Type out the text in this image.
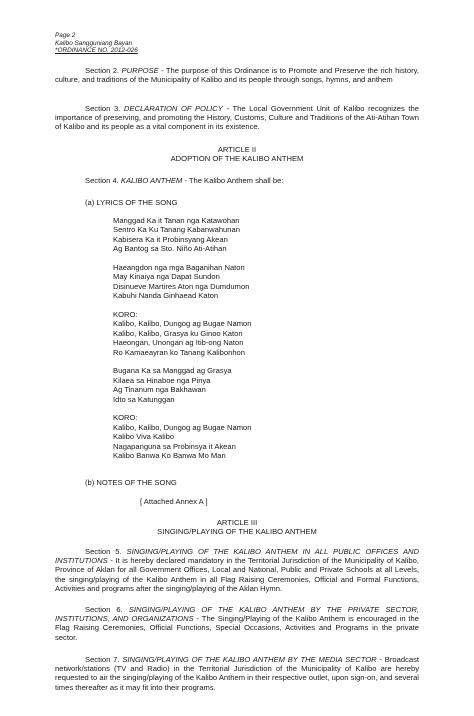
Page 2
Kalibo Sangguniang Bayan
*ORDINANCE NO. 2012-026
Section 2. PURPOSE - The purpose of this Ordinance is to Promote and Preserve the rich history, culture, and traditions of the Municipality of Kalibo and its people through songs, hymns, and anthem
Section 3. DECLARATION OF POLICY - The Local Government Unit of Kalibo recognizes the importance of preserving, and promoting the History, Customs, Culture and Traditions of the Ati-Atihan Town of Kalibo and its people as a vital component in its existence.
ARTICLE II
ADOPTION OF THE KALIBO ANTHEM
Section 4. KALIBO ANTHEM - The Kalibo Anthem shall be:
(a) LYRICS OF THE SONG
Manggad Ka it Tanan nga Katawohan
Sentro Ka Ku Tanang Kabanwahunan
Kabisera Ka it Probinsyang Akean
Ag Bantog sa Sto. Niño Ati-Atihan
Haeangdon nga mga Baganihan Naton
May Kinaiya nga Dapat Sundon
Disinueve Martires Aton nga Dumdumon
Kabuhi Nanda Ginhaead Katon
KORO:
Kalibo, Kalibo, Dungog ag Bugae Namon
Kalibo, Kalibo, Grasya ku Ginoo Katon
Haeongan, Unongan ag Itib-ong Naton
Ro Kamaeayran ko Tanang Kalibonhon
Bugana Ka sa Manggad ag Grasya
Kilaea sa Hinaboe nga Pinya
Ag Tinanum nga Bakhawan
Idto sa Katunggan
KORO:
Kalibo, Kalibo, Dungog ag Bugae Namon
Kalibo Viva Kalibo
Nagapanguna sa Probinsya it Akean
Kalibo Banwa Ko Banwa Mo Man
(b) NOTES OF THE SONG
[ Attached Annex A ]
ARTICLE III
SINGING/PLAYING OF THE KALIBO ANTHEM
Section 5. SINGING/PLAYING OF THE KALIBO ANTHEM IN ALL PUBLIC OFFICES AND INSTITUTIONS - It is hereby declared mandatory in the Territorial Jurisdiction of the Municipality of Kalibo, Province of Aklan for all Government Offices, Local and National, Public and Private Schools at all Levels, the singing/playing of the Kalibo Anthem in all Flag Raising Ceremonies, Official and Formal Functions, Activities and programs after the singing/playing of the Aklan Hymn.
Section 6. SINGING/PLAYING OF THE KALIBO ANTHEM BY THE PRIVATE SECTOR, INSTITUTIONS, AND ORGANIZATIONS - The Singing/Playing of the Kalibo Anthem is encouraged in the Flag Raising Ceremonies, Official Functions, Special Occasions, Activities and Programs in the private sector.
Section 7. SINGING/PLAYING OF THE KALIBO ANTHEM BY THE MEDIA SECTOR - Broadcast network/stations (TV and Radio) in the Territorial Jurisdiction of the Municipality of Kalibo are hereby requested to air the singing/playing of the Kalibo Anthem in their respective outlet, upon sign-on, and several times thereafter as it may fit into their programs.
